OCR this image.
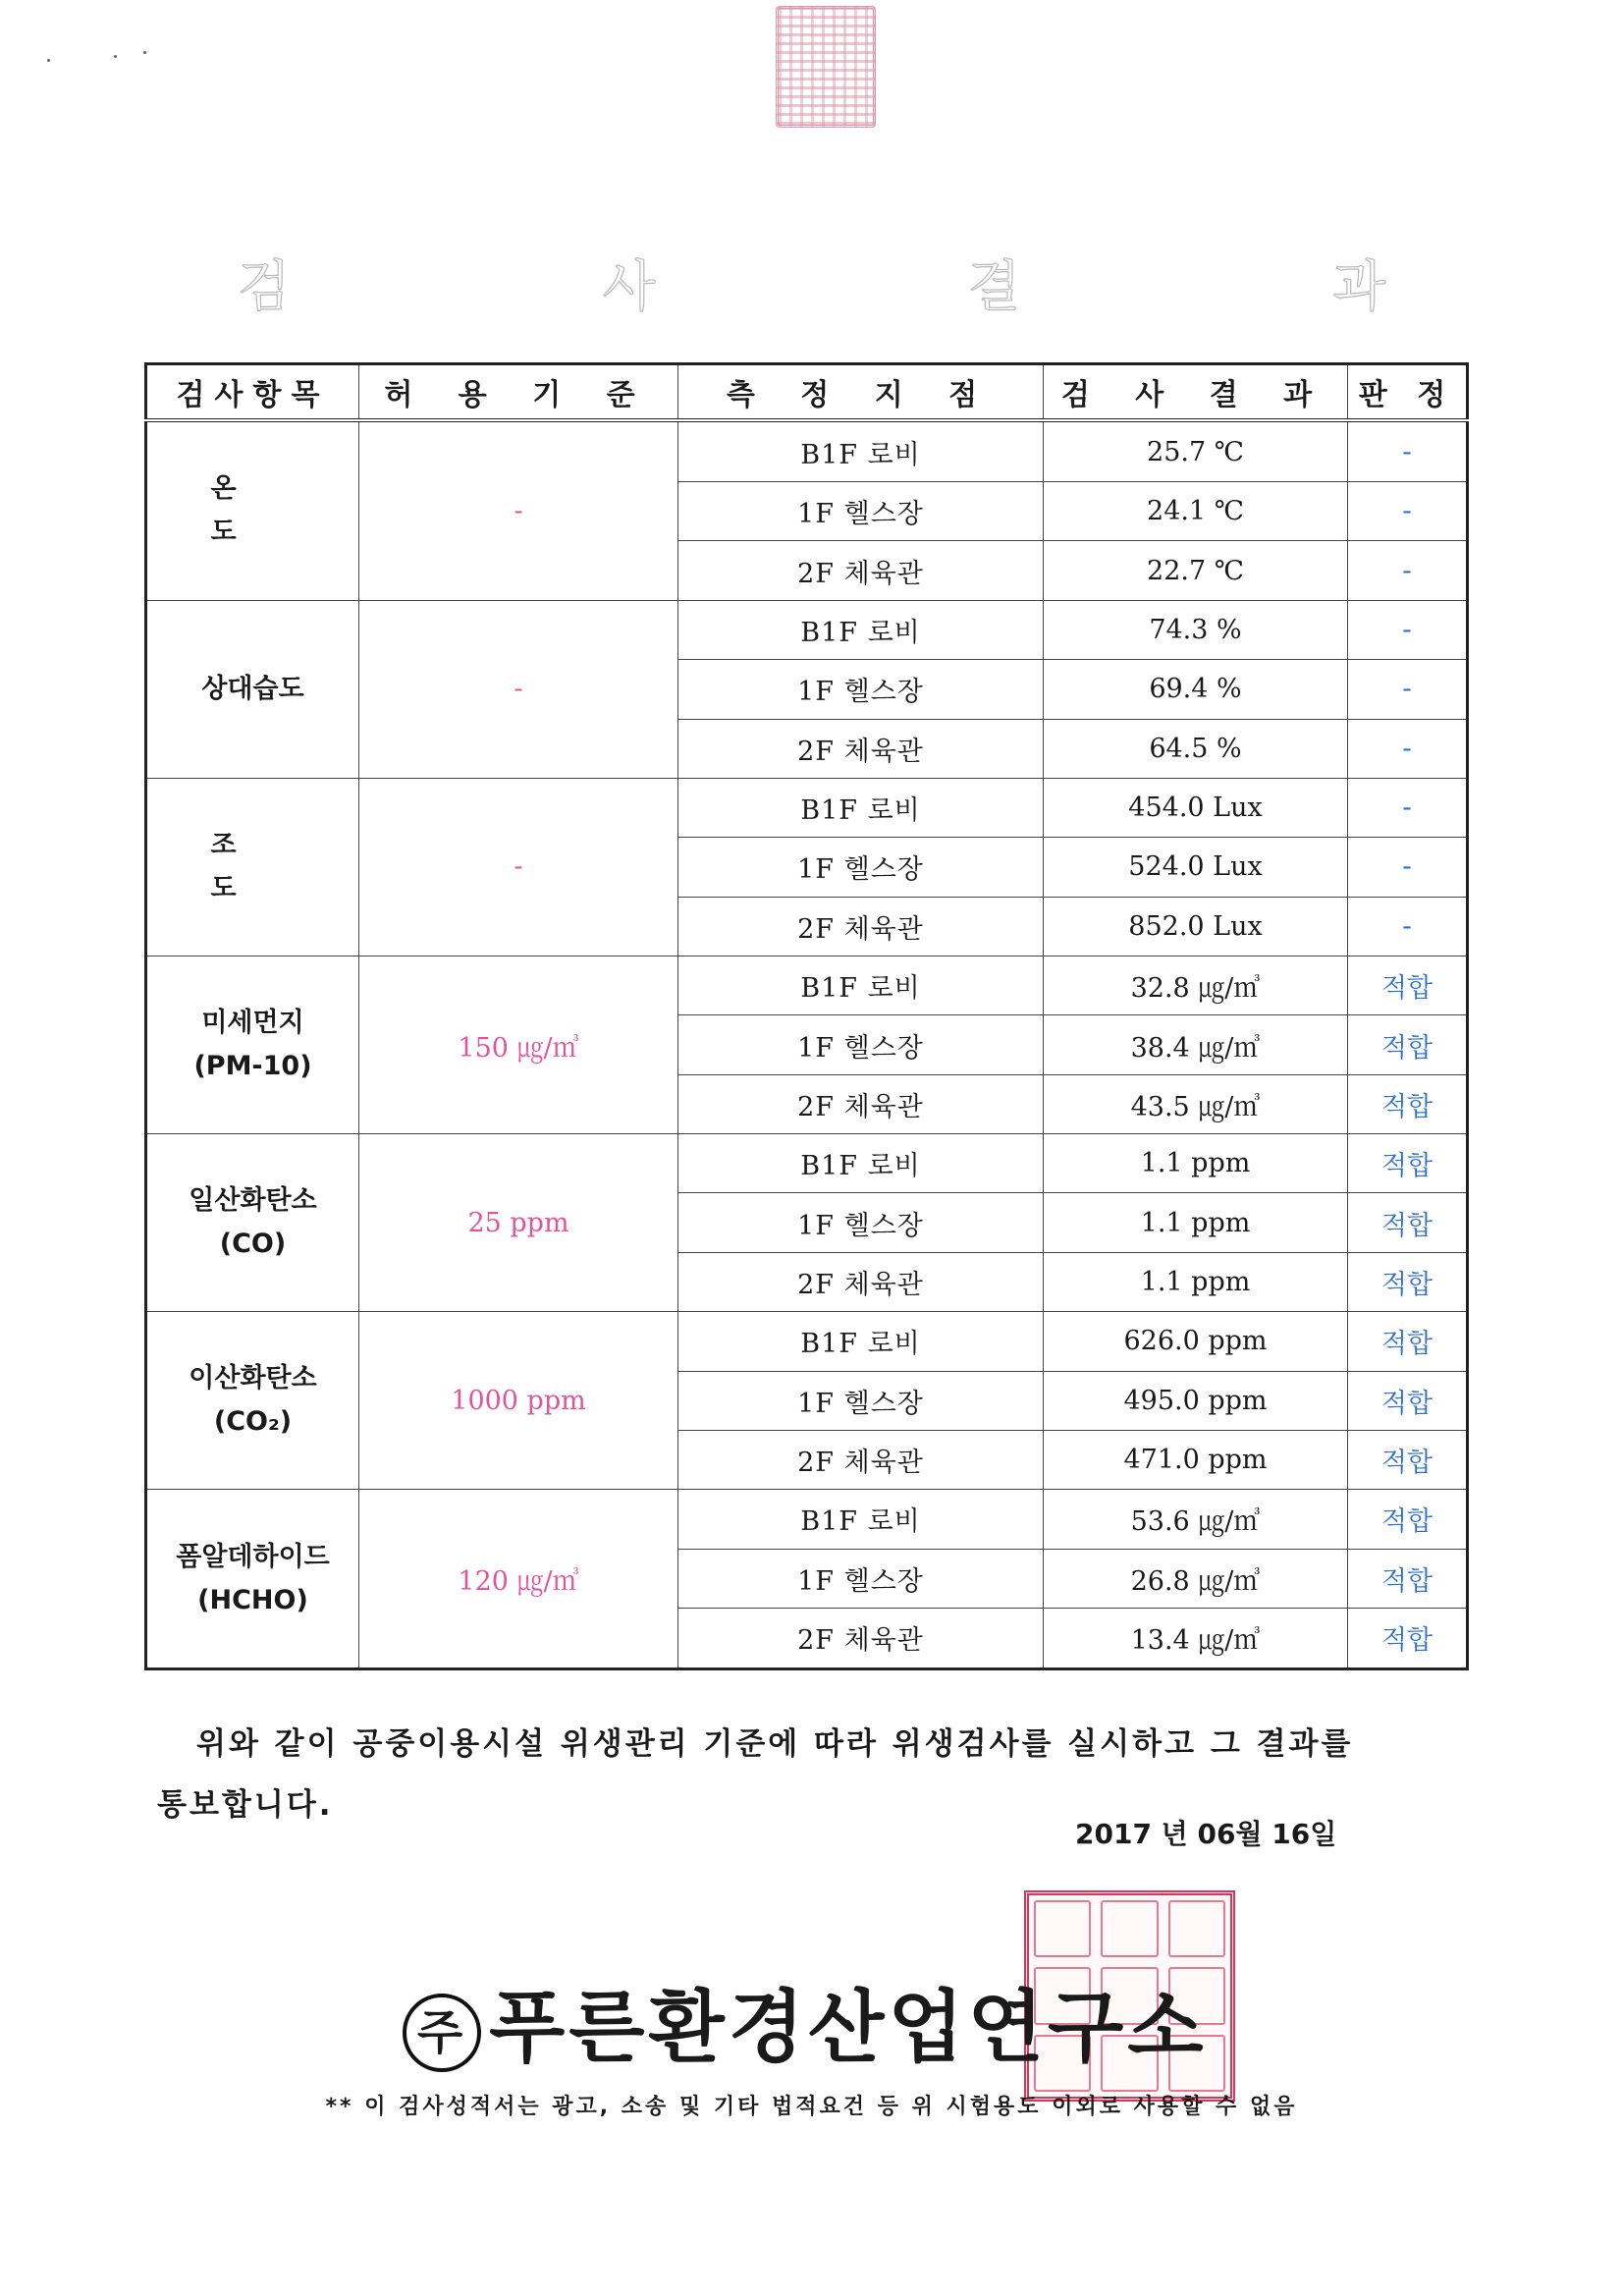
검 사 결 과
검사항목	허 용 기 준	측 정 지 점	검 사 결 과	판 정

온 도	-	B1F 로비	25.7 ℃	-
		1F 헬스장	24.1 ℃	-
		2F 체육관	22.7 ℃	-

상대습도	-	B1F 로비	74.3 %	-
		1F 헬스장	69.4 %	-
		2F 체육관	64.5 %	-

조 도	-	B1F 로비	454.0 Lux	-
		1F 헬스장	524.0 Lux	-
		2F 체육관	852.0 Lux	-

미세먼지
(PM-10)	150 ㎍/㎥	B1F 로비	32.8 ㎍/㎥	적합
		1F 헬스장	38.4 ㎍/㎥	적합
		2F 체육관	43.5 ㎍/㎥	적합

일산화탄소
(CO)	25 ppm	B1F 로비	1.1 ppm	적합
		1F 헬스장	1.1 ppm	적합
		2F 체육관	1.1 ppm	적합

이산화탄소
(CO₂)	1000 ppm	B1F 로비	626.0 ppm	적합
		1F 헬스장	495.0 ppm	적합
		2F 체육관	471.0 ppm	적합

폼알데하이드
(HCHO)	120 ㎍/㎥	B1F 로비	53.6 ㎍/㎥	적합
		1F 헬스장	26.8 ㎍/㎥	적합
		2F 체육관	13.4 ㎍/㎥	적합
위와 같이 공중이용시설 위생관리 기준에 따라 위생검사를 실시하고 그 결과를
통보합니다.
2017 년 06월 16일
주 푸른환경산업연구소
** 이 검사성적서는 광고, 소송 및 기타 법적요건 등 위 시험용도 이외로 사용할 수 없음
